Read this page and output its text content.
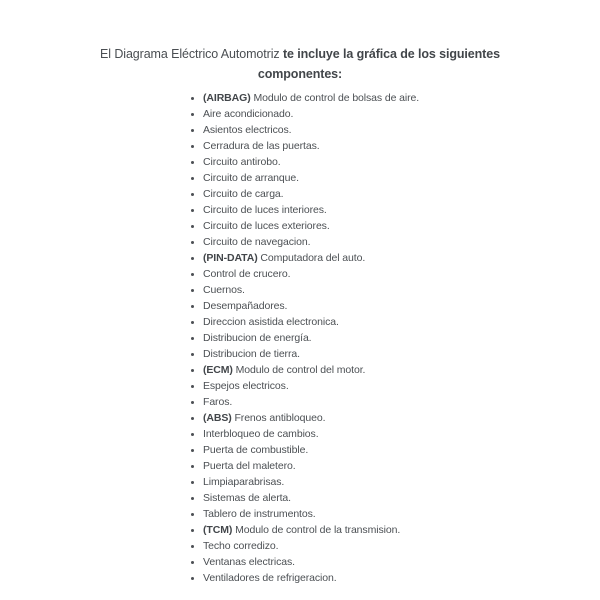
El Diagrama Eléctrico Automotriz te incluye la gráfica de los siguientes componentes:
(AIRBAG) Modulo de control de bolsas de aire.
Aire acondicionado.
Asientos electricos.
Cerradura de las puertas.
Circuito antirobo.
Circuito de arranque.
Circuito de carga.
Circuito de luces interiores.
Circuito de luces exteriores.
Circuito de navegacion.
(PIN-DATA) Computadora del auto.
Control de crucero.
Cuernos.
Desempañadores.
Direccion asistida electronica.
Distribucion de energía.
Distribucion de tierra.
(ECM) Modulo de control del motor.
Espejos electricos.
Faros.
(ABS) Frenos antibloqueo.
Interbloqueo de cambios.
Puerta de combustible.
Puerta del maletero.
Limpiaparabrisas.
Sistemas de alerta.
Tablero de instrumentos.
(TCM) Modulo de control de la transmision.
Techo corredizo.
Ventanas electricas.
Ventiladores de refrigeracion.
